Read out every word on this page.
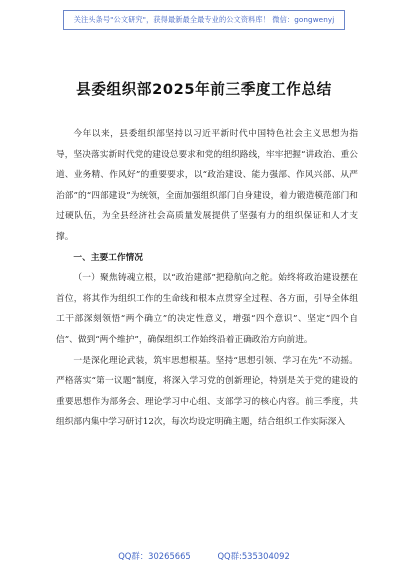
关注头条号"公文研究"，获得最新最全最专业的公文资料库！ 微信：gongwenyj
县委组织部2025年前三季度工作总结

今年以来，县委组织部坚持以习近平新时代中国特色社会主义思想为指导，坚决落实新时代党的建设总要求和党的组织路线，牢牢把握“讲政治、重公道、业务精、作风好”的重要要求，以“政治建设、能力强部、作风兴部、从严治部”的“四部建设”为统领，全面加强组织部门自身建设，着力锻造模范部门和过硬队伍，为全县经济社会高质量发展提供了坚强有力的组织保证和人才支撑。

一、主要工作情况

（一）聚焦铸魂立根，以“政治建部”把稳航向之舵。始终将政治建设摆在首位，将其作为组织工作的生命线和根本点贯穿全过程、各方面，引导全体组工干部深刻领悟“两个确立”的决定性意义，增强“四个意识”、坚定“四个自信”、做到“两个维护”，确保组织工作始终沿着正确政治方向前进。

一是深化理论武装，筑牢思想根基。坚持“思想引领、学习在先”不动摇。严格落实“第一议题”制度，将深入学习党的创新理论，特别是关于党的建设的重要思想作为部务会、理论学习中心组、支部学习的核心内容。前三季度，共组织部内集中学习研讨12次，每次均设定明确主题，结合组织工作实际深入

QQ群：30265665	QQ群:535304092
